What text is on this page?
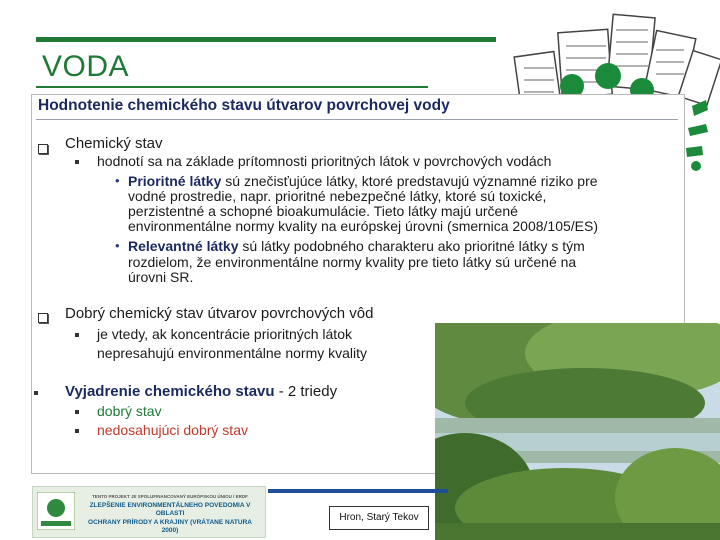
VODA
Hodnotenie chemického stavu útvarov povrchovej vody
Chemický stav
hodnotí sa na základe prítomnosti prioritných látok v povrchových vodách
• Prioritné látky sú znečisťujúce látky, ktoré predstavujú významné riziko pre
vodné prostredie, napr. prioritné nebezpečné látky, ktoré sú toxické,
perzistentné a schopné bioakumulácie. Tieto látky majú určené
environmentálne normy kvality na európskej úrovni (smernica 2008/105/ES)
• Relevantné látky sú látky podobného charakteru ako prioritné látky s tým
rozdielom, že environmentálne normy kvality pre tieto látky sú určené na
úrovni SR.
Dobrý chemický stav útvarov povrchových vôd
je vtedy, ak koncentrácie prioritných látok
nepresahujú environmentálne normy kvality
Vyjadrenie chemického stavu - 2 triedy
dobrý stav
nedosahujúci dobrý stav
TENTO PROJEKT JE SPOLUFINANCOVANÝ EURÓPSKOU ÚNIOU / ERDF
ZLEPŠENIE ENVIRONMENTÁLNEHO POVEDOMIA V OBLASTI
OCHRANY PRÍRODY A KRAJINY (VRÁTANE NATURA 2000)
Hron, Starý Tekov
